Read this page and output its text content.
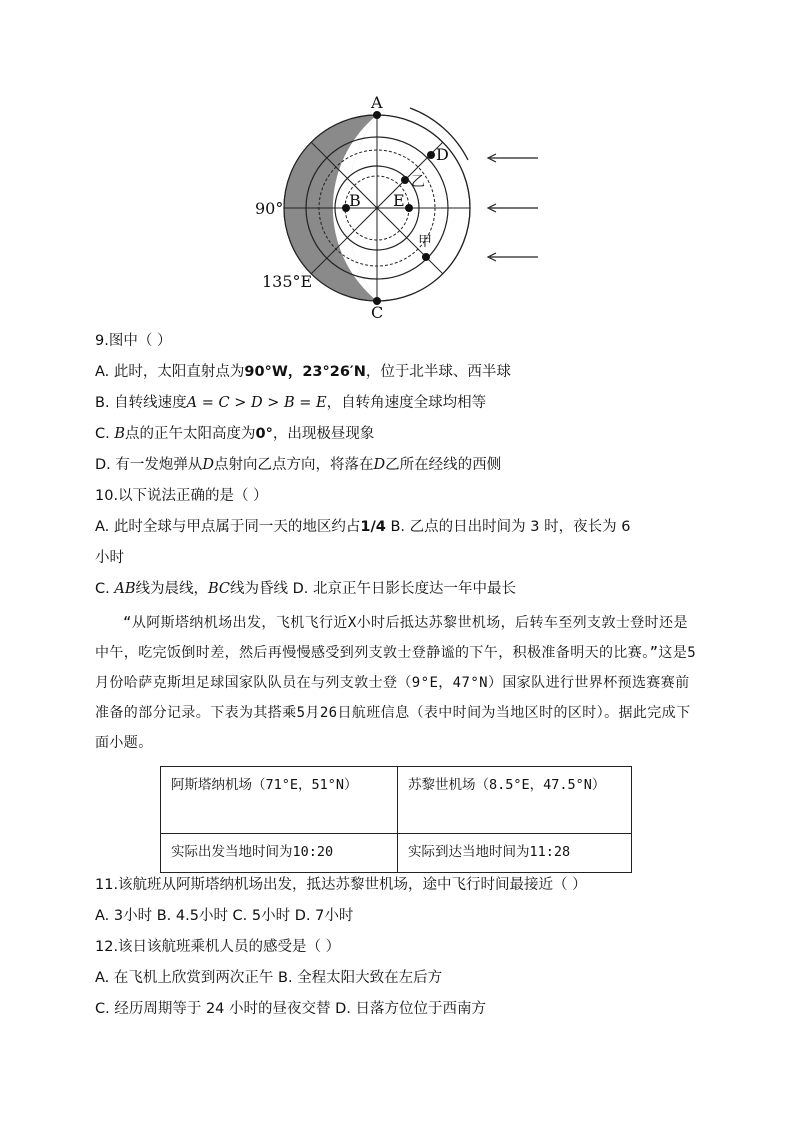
A
C
B E
D
90°
135°E
乙
甲
9.图中（ ）
A. 此时，太阳直射点为90°W，23°26′N，位于北半球、西半球
B. 自转线速度A = C > D > B = E，自转角速度全球均相等
C. B点的正午太阳高度为0°，出现极昼现象
D. 有一发炮弹从D点射向乙点方向，将落在D乙所在经线的西侧
10.以下说法正确的是（ ）
A. 此时全球与甲点属于同一天的地区约占1/4 B. 乙点的日出时间为 3 时，夜长为 6
小时
C. AB线为晨线，BC线为昏线 D. 北京正午日影长度达一年中最长
“从阿斯塔纳机场出发，飞机飞行近X小时后抵达苏黎世机场，后转车至列支敦士登时还是中午，吃完饭倒时差，然后再慢慢感受到列支敦士登静谧的下午，积极准备明天的比赛。”这是5月份哈萨克斯坦足球国家队队员在与列支敦士登（9°E，47°N）国家队进行世界杯预选赛赛前准备的部分记录。下表为其搭乘5月26日航班信息（表中时间为当地区时的区时）。据此完成下面小题。
阿斯塔纳机场（71°E，51°N）	苏黎世机场（8.5°E，47.5°N）
实际出发当地时间为10:20	实际到达当地时间为11:28
11.该航班从阿斯塔纳机场出发，抵达苏黎世机场，途中飞行时间最接近（ ）
A. 3小时 B. 4.5小时 C. 5小时 D. 7小时
12.该日该航班乘机人员的感受是（ ）
A. 在飞机上欣赏到两次正午 B. 全程太阳大致在左后方
C. 经历周期等于 24 小时的昼夜交替 D. 日落方位位于西南方
